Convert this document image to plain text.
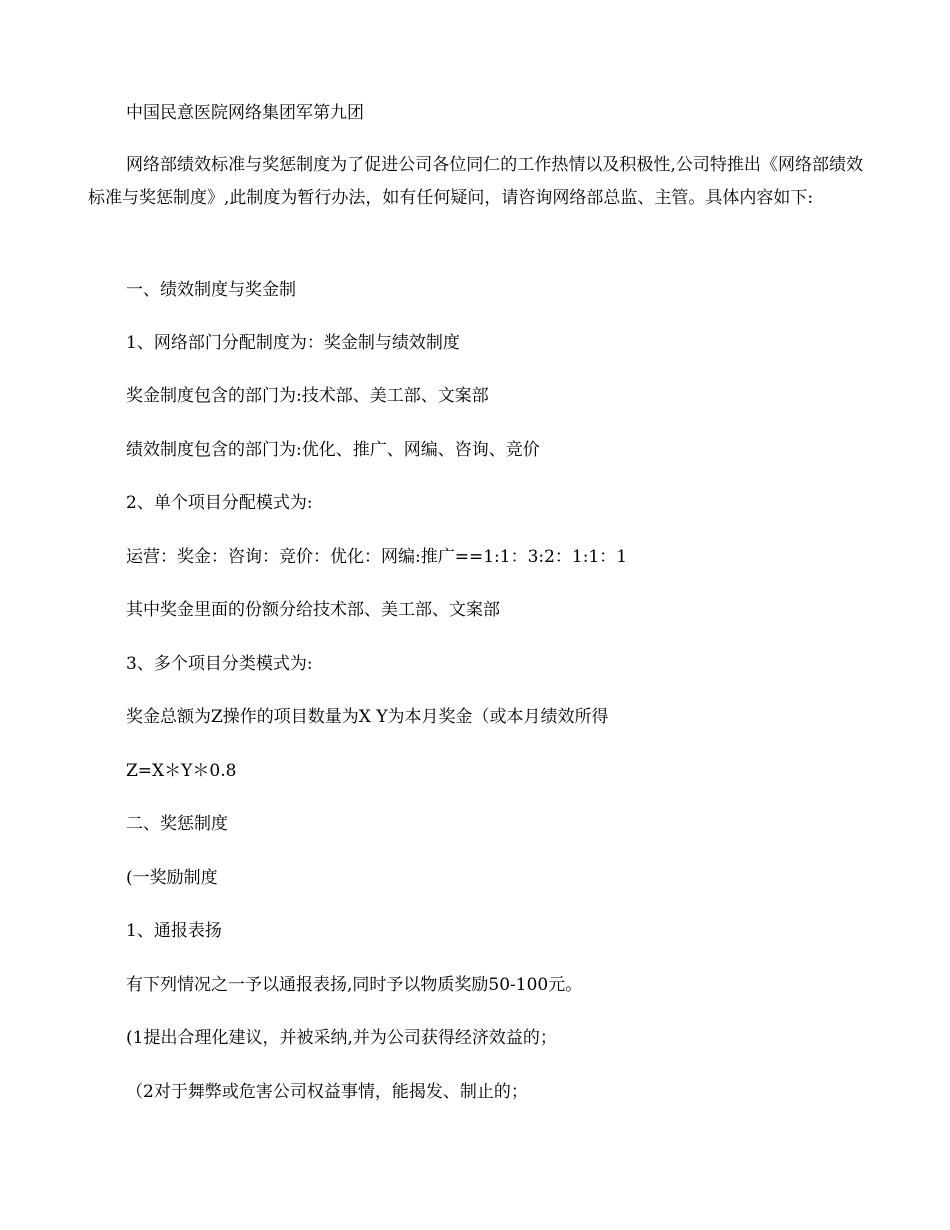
中国民意医院网络集团军第九团
网络部绩效标准与奖惩制度为了促进公司各位同仁的工作热情以及积极性,公司特推出《网络部绩效标准与奖惩制度》,此制度为暂行办法，如有任何疑问，请咨询网络部总监、主管。具体内容如下:
一、绩效制度与奖金制
1、网络部门分配制度为：奖金制与绩效制度
奖金制度包含的部门为:技术部、美工部、文案部
绩效制度包含的部门为:优化、推广、网编、咨询、竞价
2、单个项目分配模式为:
运营：奖金：咨询：竞价：优化：网编:推广==1:1：3:2：1:1：1
其中奖金里面的份额分给技术部、美工部、文案部
3、多个项目分类模式为:
奖金总额为Z操作的项目数量为X Y为本月奖金（或本月绩效所得
Z=X＊Y＊0.8
二、奖惩制度
(一奖励制度
1、通报表扬
有下列情况之一予以通报表扬,同时予以物质奖励50-100元。
(1提出合理化建议，并被采纳,并为公司获得经济效益的；
（2对于舞弊或危害公司权益事情，能揭发、制止的；
